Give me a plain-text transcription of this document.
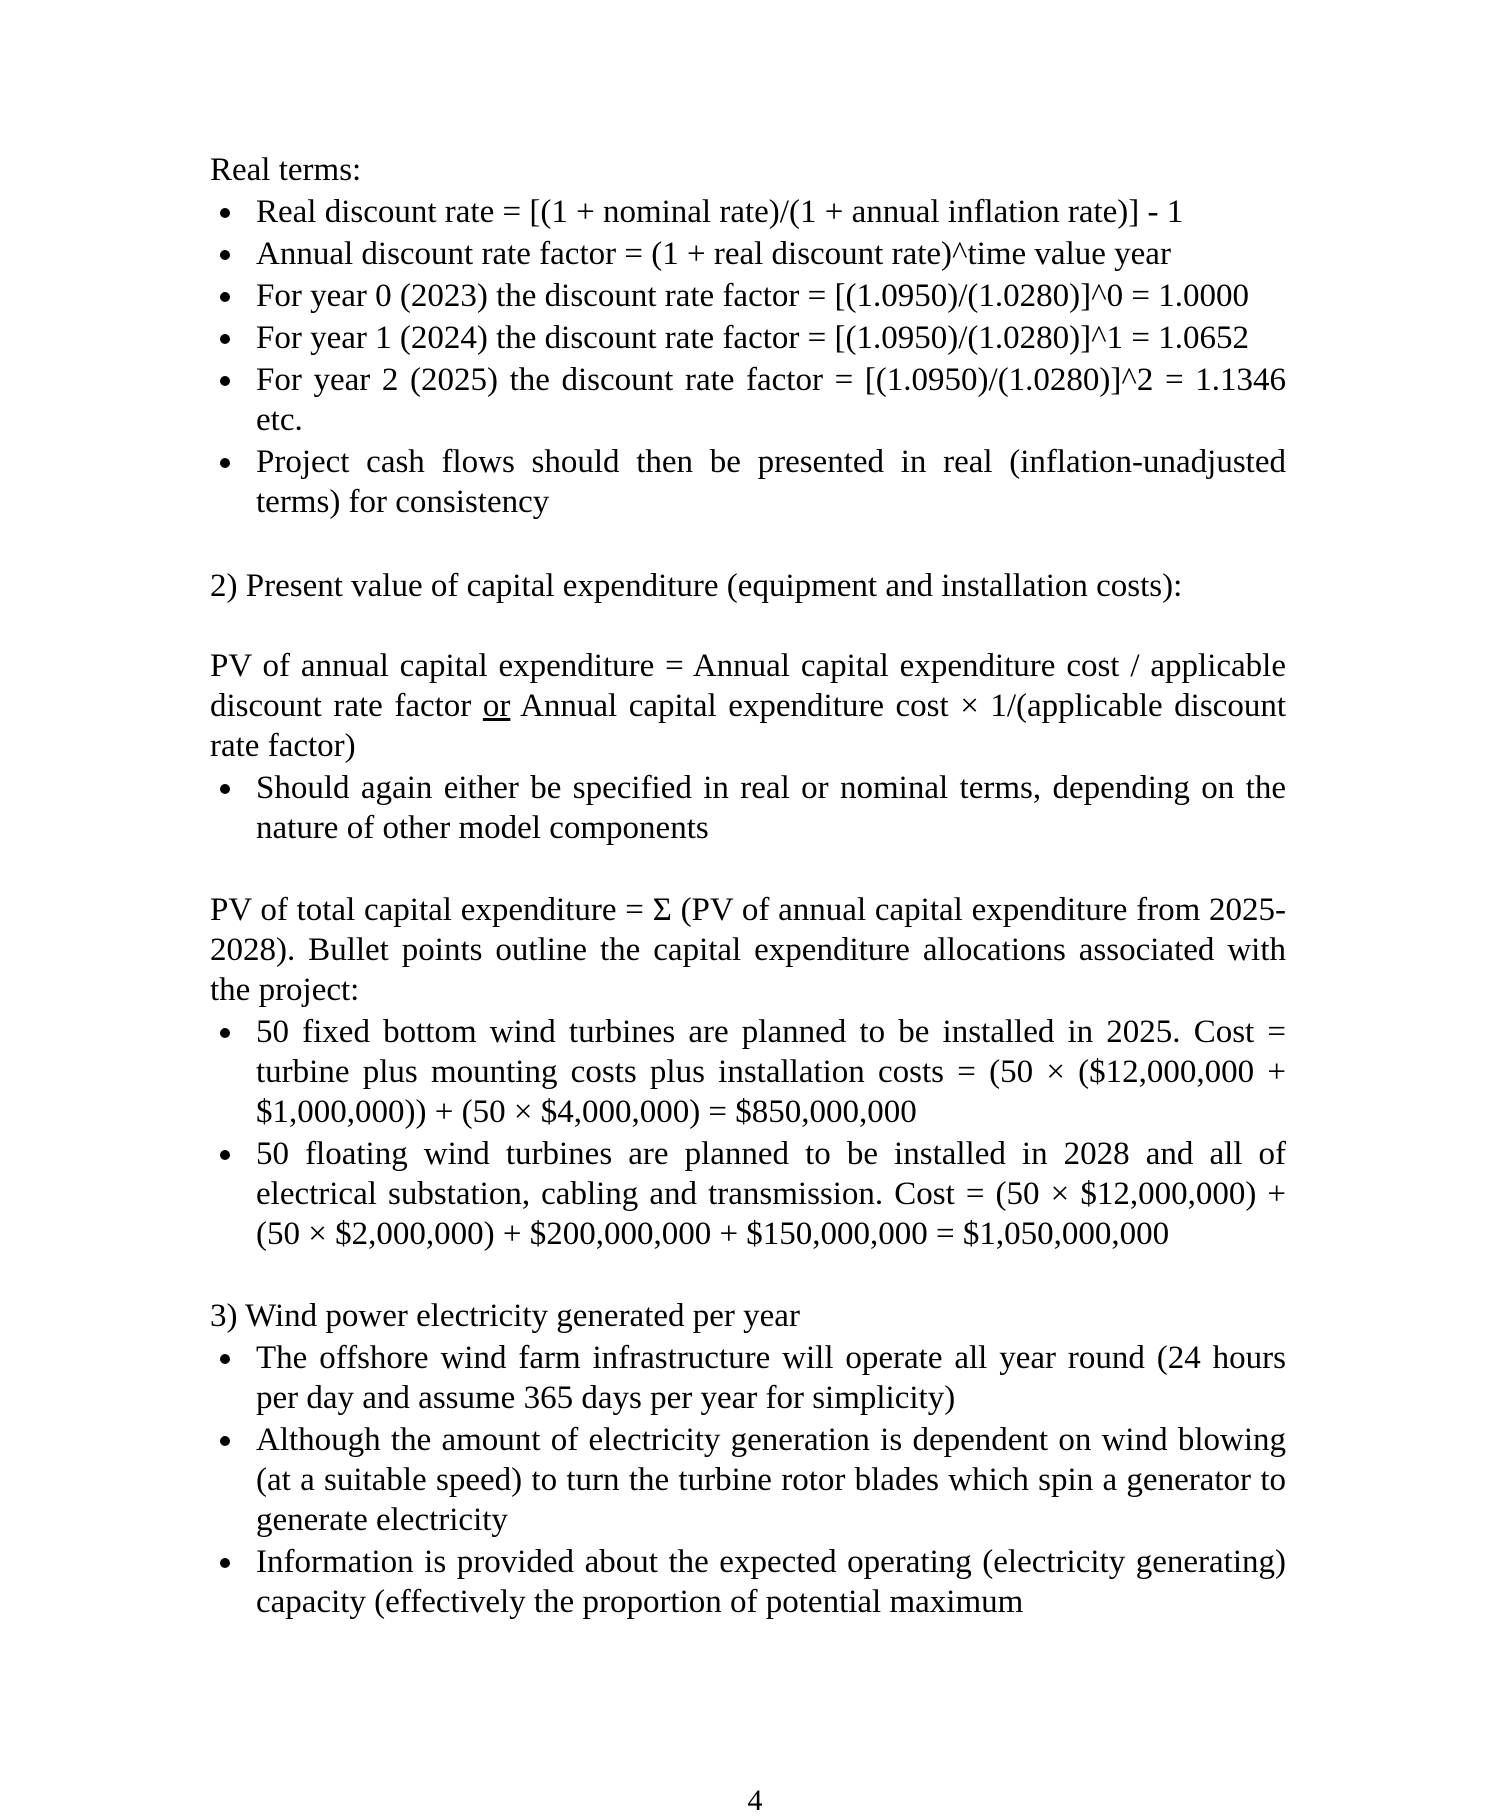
Real terms:

Real discount rate = [(1 + nominal rate)/(1 + annual inflation rate)] - 1
Annual discount rate factor = (1 + real discount rate)^time value year
For year 0 (2023) the discount rate factor = [(1.0950)/(1.0280)]^0 = 1.0000
For year 1 (2024) the discount rate factor = [(1.0950)/(1.0280)]^1 = 1.0652
For year 2 (2025) the discount rate factor = [(1.0950)/(1.0280)]^2 = 1.1346 etc.
Project cash flows should then be presented in real (inflation-unadjusted terms) for consistency

2) Present value of capital expenditure (equipment and installation costs):

PV of annual capital expenditure = Annual capital expenditure cost / applicable discount rate factor or Annual capital expenditure cost × 1/(applicable discount rate factor)

Should again either be specified in real or nominal terms, depending on the nature of other model components

PV of total capital expenditure = Σ (PV of annual capital expenditure from 2025-2028). Bullet points outline the capital expenditure allocations associated with the project:

50 fixed bottom wind turbines are planned to be installed in 2025. Cost = turbine plus mounting costs plus installation costs = (50 × ($12,000,000 + $1,000,000)) + (50 × $4,000,000) = $850,000,000
50 floating wind turbines are planned to be installed in 2028 and all of electrical substation, cabling and transmission. Cost = (50 × $12,000,000) + (50 × $2,000,000) + $200,000,000 + $150,000,000 = $1,050,000,000

3) Wind power electricity generated per year

The offshore wind farm infrastructure will operate all year round (24 hours per day and assume 365 days per year for simplicity)
Although the amount of electricity generation is dependent on wind blowing (at a suitable speed) to turn the turbine rotor blades which spin a generator to generate electricity
Information is provided about the expected operating (electricity generating) capacity (effectively the proportion of potential maximum
4
